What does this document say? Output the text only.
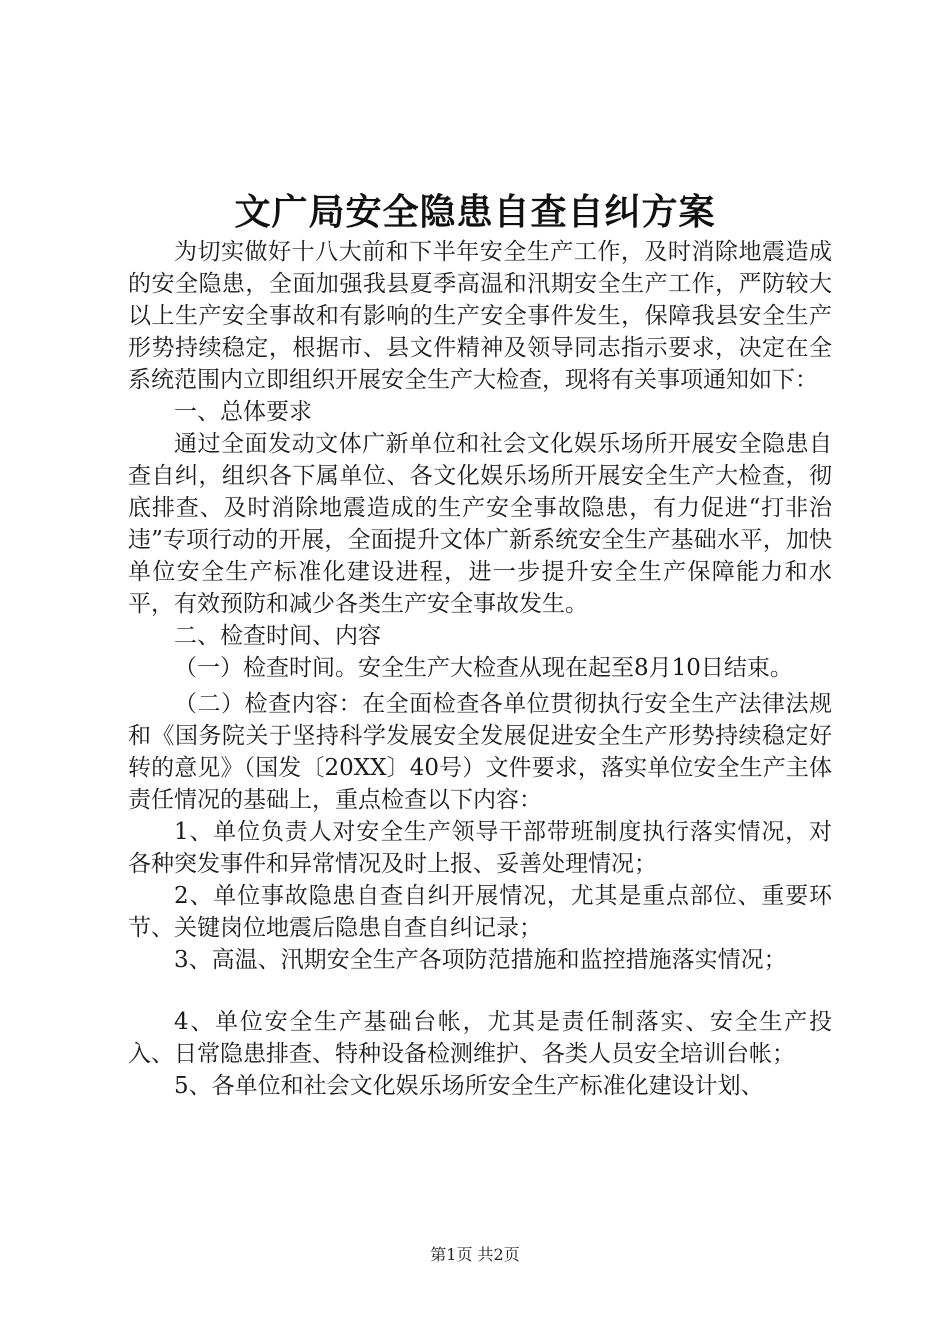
文广局安全隐患自查自纠方案

为切实做好十八大前和下半年安全生产工作，及时消除地震造成的安全隐患，全面加强我县夏季高温和汛期安全生产工作，严防较大以上生产安全事故和有影响的生产安全事件发生，保障我县安全生产形势持续稳定，根据市、县文件精神及领导同志指示要求，决定在全系统范围内立即组织开展安全生产大检查，现将有关事项通知如下：

一、总体要求

通过全面发动文体广新单位和社会文化娱乐场所开展安全隐患自查自纠，组织各下属单位、各文化娱乐场所开展安全生产大检查，彻底排查、及时消除地震造成的生产安全事故隐患，有力促进“打非治违”专项行动的开展，全面提升文体广新系统安全生产基础水平，加快单位安全生产标准化建设进程，进一步提升安全生产保障能力和水平，有效预防和减少各类生产安全事故发生。

二、检查时间、内容

（一）检查时间。安全生产大检查从现在起至8月10日结束。

（二）检查内容：在全面检查各单位贯彻执行安全生产法律法规和《国务院关于坚持科学发展安全发展促进安全生产形势持续稳定好转的意见》（国发〔20XX〕40号）文件要求，落实单位安全生产主体责任情况的基础上，重点检查以下内容：

1、单位负责人对安全生产领导干部带班制度执行落实情况，对各种突发事件和异常情况及时上报、妥善处理情况；

2、单位事故隐患自查自纠开展情况，尤其是重点部位、重要环节、关键岗位地震后隐患自查自纠记录；

3、高温、汛期安全生产各项防范措施和监控措施落实情况；

4、单位安全生产基础台帐，尤其是责任制落实、安全生产投入、日常隐患排查、特种设备检测维护、各类人员安全培训台帐；

5、各单位和社会文化娱乐场所安全生产标准化建设计划、

第1页 共2页
